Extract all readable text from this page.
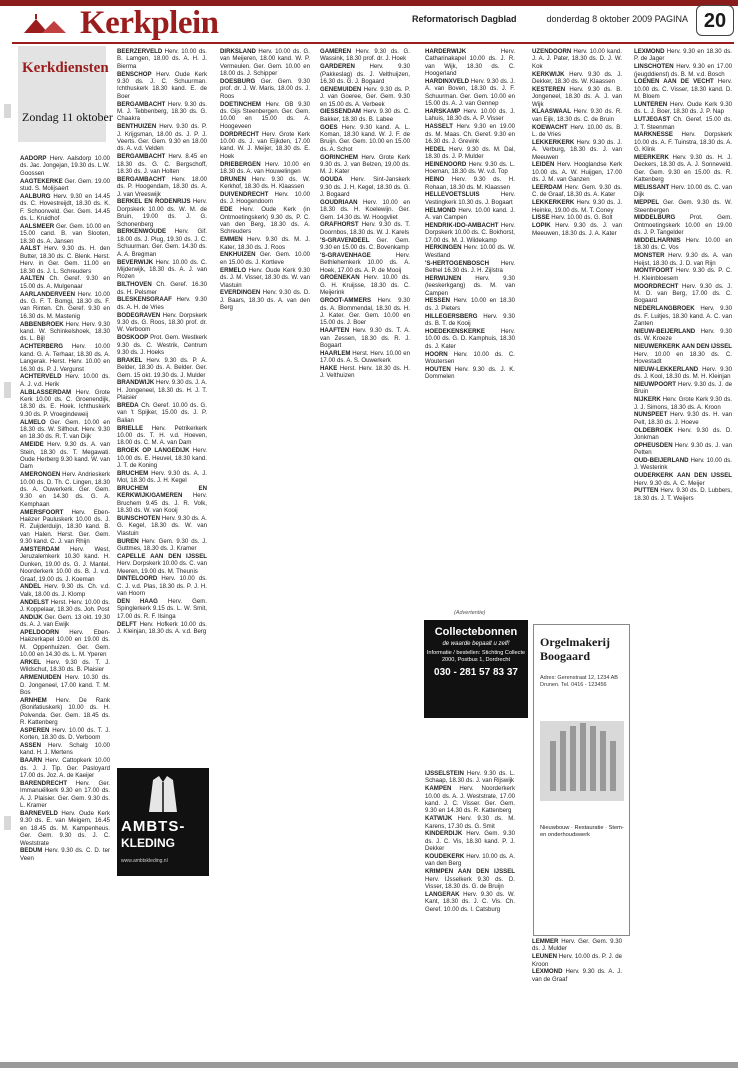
Kerkplein	Reformatorisch Dagblad	donderdag 8 oktober 2009 PAGINA 20
Kerkdiensten
Zondag 11 oktober

AADORP Herv. Aalsdorp 10.00 ds. Jac. Jongejan, 19.30 ds. L.W. Goossen

AAGTEKERKE Ger. Gem. 19.00 stud. S. Molijsaert

AALBURG Herv. 9.30 en 14.45 ds. C. Hovestreijdt, 18.30 ds. K. F. Schoonveld. Ger. Gem. 14.45 ds. L. Kruidhof

AALSMEER Ger. Gem. 10.00 en 15.00 cand. B. van Slooten, 18.30 ds. A. Jansen

AALST Herv. 9.30 ds. H. den Butter, 18.30 ds. C. Blenk. Herst. Herv. in Ger. Gem. 11.00 en 18.30 ds. J. L. Schreuders

AALTEN Ch. Geref. 9.30 en 15.00 ds. A. Mulgenaar

AARLANDERVEEN Herv. 10.00 ds. G. F. T. Bomgi, 18.30 ds. F. van Rinten. Ch. Geref. 9.30 en 16.30 ds. M. Mastenig

ABBENBROEK Herv. Herv. 9.30 kand. W. Schinkelshoek, 18.30 ds. L. Bijl

ACHTERBERG Herv. 10.00 kand. G. A. Terhaar, 18.30 ds. A. Langerak. Herst. Herv. 10.00 en 16.30 ds. P. J. Vergunst

ACHTERVELD Herv. 10.00 ds. A. J. v.d. Herik

ALBLASSERDAM Herv. Grote Kerk 10.00 ds. C. Groenendijk, 18.30 ds. E. Hoek. Ichthuskerk 9.30 ds. P. Vroegindeweij

ALMELO Ger. Gem. 10.00 en 18.30 ds. W. Silfhout. Herv. 9.30 en 18.30 ds. R. T. van Dijk

AMEIDE Herv. 9.30 ds. A. van Stein, 18.30 ds. T. Megawati. Oude Herberg 9.30 kand. W. van Dam

AMERONGEN Herv. Andrieskerk 10.00 ds. D. Th. C. Lingen, 18.30 ds. A. Ouwerkerk. Ger. Gem. 9.30 en 14.30 ds. G. A. Kemphaan

AMERSFOORT Herv. Eben-Haëzer Pauluskerk 10.00 ds. J. R. Zuijderduijn, 18.30 kand. B. van Halen. Herst. Ger. Gem. 9.30 kand. C. J. van Rhijn

AMSTERDAM Herv. West, Jeruzalemkerk 10.30 kand. H. Dunken, 19.00 ds. G. J. Mantel. Noorderkerk 10.00 ds. B. J. v.d. Graaf, 19.00 ds. J. Koeman

ANDEL Herv. 9.30 ds. Ch. v.d. Valk, 18.00 ds. J. Klomp

ANDELST Herst. Herv. 10.00 ds. J. Koppelaar, 18.30 ds. Joh. Post

ANDIJK Ger. Gem. 13 okt. 19.30 ds. A. J. van Ewijk

APELDOORN Herv. Eben-Haëzerkapel 10.00 en 19.00 ds. M. Oppenhuizen. Ger. Gem. 10.00 en 14.30 ds. L. M. Yperen

ARKEL Herv. 9.30 ds. T. J. Wildschut, 18.30 ds. B. Plaisier

ARMENUIDEN Herv. 10.30 ds. D. Jongeneel, 17.00 kand. T. M. Bos

ARNHEM Herv. De Rank (Bonifatiuskerk) 10.00 ds. H. Polvenda. Ger. Gem. 18.45 ds. R. Kattenberg

ASPEREN Herv. 10.00 ds. T. J. Korten, 18.30 ds. D. Verboom

ASSEN Herv. Schalg 10.00 kand. H. J. Mertens

BAARN Herv. Cattopkerk 10.00 ds. J. J. Tip. Ger. Pasloyard 17.00 ds. Joz. A. de Kaeijer

BARENDRECHT Herv. Ger. Immanuëlkerk 9.30 en 17.00 ds. A. J. Plaisier. Ger. Gem. 9.30 ds. L. Kramer

BARNEVELD Herv. Oude Kerk 9.30 ds. E. van Meigem, 16.45 en 18.45 ds. M. Kampenheus. Ger. Gem. 9.30 ds. J. C. Weststrate

BEDUM Herv. 9.30 ds. C. D. ter Veen

BEERZERVELD Herv. 10.00 ds. B. Lamgen, 18.00 ds. A. H. J. Bierma

BENSCHOP Herv. Oude Kerk 9.30 ds. J. C. Schuurman. Ichthuskerk 18.30 kand. E. de Boer

BERGAMBACHT Herv. 9.30 ds. M. J. Tebbenberg, 18.30 ds. G. Chaakra

BENTHUIZEN Herv. 9.30 ds. P. J. Krijgsman, 18.00 ds. J. P. J. Veerts. Ger. Gem. 9.30 en 18.00 ds. A. v.d. Velden

BERGAMBACHT Herv. 8.45 en 18.30 ds. G. C. Bergschoff, 18.30 ds. J. van Holten

BERGAMBACHT Herv. 18.00 ds. P. Hoogendam, 18.30 ds. A. J. van Vreeswijk

BERKEL EN RODENRIJS Herv. Dorpskerk 10.00 ds. W. M. de Bruin, 19.00 ds. J. G. Schonenberg

BERKENWOUDE Herv. Gif. 18.00 ds. J. Plug, 19.30 ds. J. C. Schuurman. Ger. Gem. 14.30 ds. A. A. Bregman

BEVERWIJK Herv. 10.00 ds. C. Mijderwijk, 18.30 ds. A. J. van Rozen

BILTHOVEN Ch. Geref. 16.30 ds. H. Pelsmer

BLESKENSGRAAF Herv. 9.30 ds. A. H. de Vries

BODEGRAVEN Herv. Dorpskerk 9.30 ds. G. Roos, 18.30 prof. dr. W. Verboom

BOSKOOP Prot. Gem. Westkerk 9.30 ds. C. Westrik, Centrum 9.30 ds. J. Hoeks

BRAKEL Herv. 9.30 ds. P. A. Belder, 18.30 ds. A. Belder. Ger. Gem. 15 okt. 19.30 ds. J. Mulder

BRANDWIJK Herv. 9.30 ds. J. A. H. Jongeneel, 18.30 ds. H. J. T. Plaisier

BREDA Ch. Geref. 10.00 ds. G. van 't Spijker, 15.00 ds. J. P. Balian

BRIELLE Herv. Petrikerkerk 10.00 ds. T. H. v.d. Hoeven, 18.00 ds. C. M. A. van Dam

BROEK OP LANGEDIJK Herv. 10.00 ds. E. Heuvel, 18.30 kand. J. T. de Koning

BRUCHEM Herv. 9.30 ds. A. J. Mol, 18.30 ds. J. H. Kegel

BRUCHEM EN KERKWIJK/GAMEREN Herv. Bruchem 9.45 ds. J. R. Volk, 18.30 ds. W. van Kooij

BUNSCHOTEN Herv. 9.30 ds. A. G. Kegel, 18.30 ds. W. van Vlastuin

BUREN Herv. Gem. 9.30 ds. J. Guttmes, 18.30 ds. J. Kramer

CAPELLE AAN DEN IJSSEL Herv. Dorpskerk 10.00 ds. C. van Meeren, 19.00 ds. M. Theunis

DINTELOORD Herv. 10.00 ds. C. J. v.d. Plas, 18.30 ds. P. J. H. van Hoorn

DEN HAAG Herv. Gem. Spinglerkerk 9.15 ds. L. W. Smit, 17.00 ds. R. F. Ilsinga

DELFT Herv. Hofkerk 10.00 ds. J. Kleinjan, 18.30 ds. A. v.d. Berg

DIRKSLAND Herv. 10.00 ds. G. van Meijeren, 18.00 kand. W. P. Vermeulen. Ger. Gem. 10.00 en 18.00 ds. J. Schipper

DOESBURG Ger. Gem. 9.30 prof. dr. J. W. Maris, 18.00 ds. J. Roos

DOETINCHEM Herv. GB 9.30 ds. Gijs Steenbergen. Ger. Gem. 10.00 en 15.00 ds. A. Hoogeveen

DORDRECHT Herv. Grote Kerk 10.00 ds. J. van Eijkden, 17.00 kand. W. J. Meijer, 18.30 ds. E. Hoek

DRIEBERGEN Herv. 10.00 en 18.30 ds. A. van Houwelingen

DRUNEN Herv. 9.30 ds. W. Kerkhof, 18.30 ds. H. Klaassen

DUIVENDRECHT Herv. 10.00 ds. J. Hoogendoorn

EDE Herv. Oude Kerk (in Ontmoetingskerk) 9.30 ds. P. C. van den Berg, 18.30 ds. A. Schreuders

EMMEN Herv. 9.30 ds. M. J. Kater, 18.30 ds. J. Roos

ENKHUIZEN Ger. Gem. 10.00 en 15.00 ds. J. Kortleve

ERMELO Herv. Oude Kerk 9.30 ds. J. M. Visser, 18.30 ds. W. van Vlastuin

EVERDINGEN Herv. 9.30 ds. D. J. Baars, 18.30 ds. A. van den Berg

GAMEREN Herv. 9.30 ds. G. Wassink, 18.30 prof. dr. J. Hoek

GARDEREN Herv. 9.30 (Pakkeslag) ds. J. Velthuijzen, 16.30 ds. G. J. Bogaard

GENEMUIDEN Herv. 9.30 ds. P. J. van Goeree, Ger. Gem. 9.30 en 15.00 ds. A. Verbeek

GIESSENDAM Herv. 9.30 ds. C. Bakker, 18.30 ds. B. Labee

GOES Herv. 9.30 kand. A. L. Koman, 18.30 kand. W. J. F. de Bruijn. Ger. Gem. 10.00 en 15.00 ds. A. Schot

GORINCHEM Herv. Grote Kerk 9.30 ds. J. van Belzen, 19.00 ds. M. J. Kater

GOUDA Herv. Sint-Janskerk 9.30 ds. J. H. Kegel, 18.30 ds. G. J. Bogaard

GOUDRIAAN Herv. 10.00 en 18.30 ds. H. Koelewijn. Ger. Gem. 14.30 ds. W. Hoogvliet

GRAFHORST Herv. 9.30 ds. T. Doornbos, 18.30 ds. W. J. Karels

'S-GRAVENDEEL Ger. Gem. 9.30 en 15.00 ds. C. Bovenkamp

'S-GRAVENHAGE Herv. Bethlehemkerk 10.00 ds. A. Hoek, 17.00 ds. A. P. de Mooij

GROENEKAN Herv. 10.00 ds. G. H. Kruijsse, 18.30 ds. C. Meijerink

GROOT-AMMERS Herv. 9.30 ds. A. Blommendal, 18.30 ds. H. J. Kater. Ger. Gem. 10.00 en 15.00 ds. J. Boer

HAAFTEN Herv. 9.30 ds. T. A. van Zessen, 18.30 ds. R. J. Bogaart

HAARLEM Herst. Herv. 10.00 en 17.00 ds. A. S. Ouwerkerk

HAKE Herst. Herv. 18.30 ds. H. J. Velthuizen

HARDERWIJK Herv. Catharinakapel 10.00 ds. J. R. van Wijk, 18.30 ds. C. Hoogerland

HARDINXVELD Herv. 9.30 ds. J. A. van Boven, 18.30 ds. J. F. Schuurman. Ger. Gem. 10.00 en 15.00 ds. A. J. van Gennep

HARSKAMP Herv. 10.00 ds. J. Lahuis, 18.30 ds. A. P. Visser

HASSELT Herv. 9.30 en 19.00 ds. M. Maas. Ch. Geref. 9.30 en 16.30 ds. J. Grevink

HEDEL Herv. 9.30 ds. M. Dal, 18.30 ds. J. P. Mulder

HEINENOORD Herv. 9.30 ds. L. Hoeman, 18.30 ds. W. v.d. Top

HEINO Herv. 9.30 ds. H. Rohaan, 18.30 ds. M. Klaassen

HELLEVOETSLUIS Herv. Vestingkerk 10.30 ds. J. Bogaart

HELMOND Herv. 10.00 kand. J. A. van Campen

HENDRIK-IDO-AMBACHT Herv. Dorpskerk 10.00 ds. C. Bokhorst, 17.00 ds. M. J. Wildekamp

HERKINGEN Herv. 10.00 ds. W. Westland

'S-HERTOGENBOSCH Herv. Bethel 16.30 ds. J. H. Zijlstra

HERWIJNEN Herv. 9.30 (leeskerkgang) ds. M. van Campen

HESSEN Herv. 10.00 en 18.30 ds. J. Pieters

HILLEGERSBERG Herv. 9.30 ds. B. T. de Kooij

HOEDEKENSKERKE Herv. 10.00 ds. G. D. Kamphuis, 18.30 ds. J. Kater

HOORN Herv. 10.00 ds. C. Woutersen

HOUTEN Herv. 9.30 ds. J. K. Dommelen

IJSSELSTEIN Herv. 9.30 ds. L. Schaap, 18.30 ds. J. van Rijswijk

KAMPEN Herv. Noorderkerk 10.00 ds. A. J. Weststrate, 17.00 kand. J. C. Visser. Ger. Gem. 9.30 en 14.30 ds. R. Kattenberg

KATWIJK Herv. 9.30 ds. M. Karens, 17.30 ds. G. Smit

KINDERDIJK Herv. Gem. 9.30 ds. J. C. Vis, 18.30 kand. P. J. Dekker

KOUDEKERK Herv. 10.00 ds. A. van den Berg

KRIMPEN AAN DEN IJSSEL Herv. IJsselkerk 9.30 ds. D. Visser, 18.30 ds. G. de Bruijn

LANGERAK Herv. 9.30 ds. W. Kant, 18.30 ds. J. C. Vis. Ch. Geref. 10.00 ds. I. Catsburg

UZENDOORN Herv. 10.00 kand. J. A. J. Pater, 18.30 ds. D. J. W. Kok

KERKWIJK Herv. 9.30 ds. J. Dekker, 18.30 ds. W. Klaassen

KESTEREN Herv. 9.30 ds. B. Jongeneel, 18.30 ds. A. J. van Wijk

KLAASWAAL Herv. 9.30 ds. R. van Eijk, 18.30 ds. C. de Bruin

KOEWACHT Herv. 10.00 ds. B. L. de Vries

LEKKERKERK Herv. 9.30 ds. J. A. Verburg, 18.30 ds. J. van Meeuwen

LEIDEN Herv. Hooglandse Kerk 10.00 ds. A. W. Huijgen, 17.00 ds. J. M. van Ganzen

LEERDAM Herv. Gem. 9.30 ds. C. de Graaf, 18.30 ds. A. Kater

LEKKERKERK Herv. 9.30 ds. J. Heinke, 19.00 ds. M. T. Coney

LISSE Herv. 10.00 ds. G. Bolt

LOPIK Herv. 9.30 ds. J. van Meeuwen, 18.30 ds. J. A. Kater

LEMMER Herv. Ger. Gem. 9.30 ds. J. Mulder

LEUNEN Herv. 10.00 ds. P. J. de Kroon

LEXMOND Herv. 9.30 ds. A. J. van de Graaf

LEXMOND Herv. 9.30 en 18.30 ds. P. de Jager

LINSCHOTEN Herv. 9.30 en 17.00 (jeugddienst) ds. B. M. v.d. Bosch

LOENEN AAN DE VECHT Herv. 10.00 ds. C. Visser, 18.30 kand. D. M. Bloem

LUNTEREN Herv. Oude Kerk 9.30 ds. L. J. Boer, 18.30 ds. J. P. Nap

LUTJEGAST Ch. Geref. 15.00 ds. J. T. Steenman

MARKNESSE Herv. Dorpskerk 10.00 ds. A. F. Tuinstra, 18.30 ds. A. G. Klink

MEERKERK Herv. 9.30 ds. H. J. Deckers, 18.30 ds. A. J. Sonneveld. Ger. Gem. 9.30 en 15.00 ds. R. Kattenberg

MELISSANT Herv. 10.00 ds. C. van Dijk

MEPPEL Ger. Gem. 9.30 ds. W. Steenbergen

MIDDELBURG Prot. Gem. Ontmoetingskerk 10.00 en 19.00 ds. J. P. Tangelder

MIDDELHARNIS Herv. 10.00 en 18.30 ds. C. Vos

MONSTER Herv. 9.30 ds. A. van Heijst, 18.30 ds. J. D. van Rijn

MONTFOORT Herv. 9.30 ds. P. C. H. Kleinbloesem

MOORDRECHT Herv. 9.30 ds. J. M. D. van Berg, 17.00 ds. C. Bogaard

NEDERLANGBROEK Herv. 9.30 ds. F. Luitjes, 18.30 kand. A. C. van Zanten

NIEUW-BEIJERLAND Herv. 9.30 ds. W. Kroeze

NIEUWERKERK AAN DEN IJSSEL Herv. 10.00 en 18.30 ds. C. Hovestadt

NIEUW-LEKKERLAND Herv. 9.30 ds. J. Kool, 18.30 ds. M. H. Kleinjan

NIEUWPOORT Herv. 9.30 ds. J. de Bruin

NIJKERK Herv. Grote Kerk 9.30 ds. J. J. Simons, 18.30 ds. A. Kroon

NUNSPEET Herv. 9.30 ds. H. van Pelt, 18.30 ds. J. Hoeve

OLDEBROEK Herv. 9.30 ds. D. Jonkman

OPHEUSDEN Herv. 9.30 ds. J. van Petten

OUD-BEIJERLAND Herv. 10.00 ds. J. Westerink

OUDERKERK AAN DEN IJSSEL Herv. 9.30 ds. A. C. Meijer

PUTTEN Herv. 9.30 ds. D. Lubbers, 18.30 ds. J. T. Weijers

AMBTS-
KLEDING
www.ambtskleding.nl
(Advertentie)
Collectebonnen
de waarde bepaalt u zelf!
Informatie / bestellen: Stichting Collecte 2000, Postbus 1, Dordrecht
030 - 281 57 83 37
Orgelmakerij Boogaard
Adres: Gerenstraat 12, 1234 AB Drunen. Tel. 0416 - 123456
Nieuwbouw · Restauratie · Stem- en onderhoudswerk
